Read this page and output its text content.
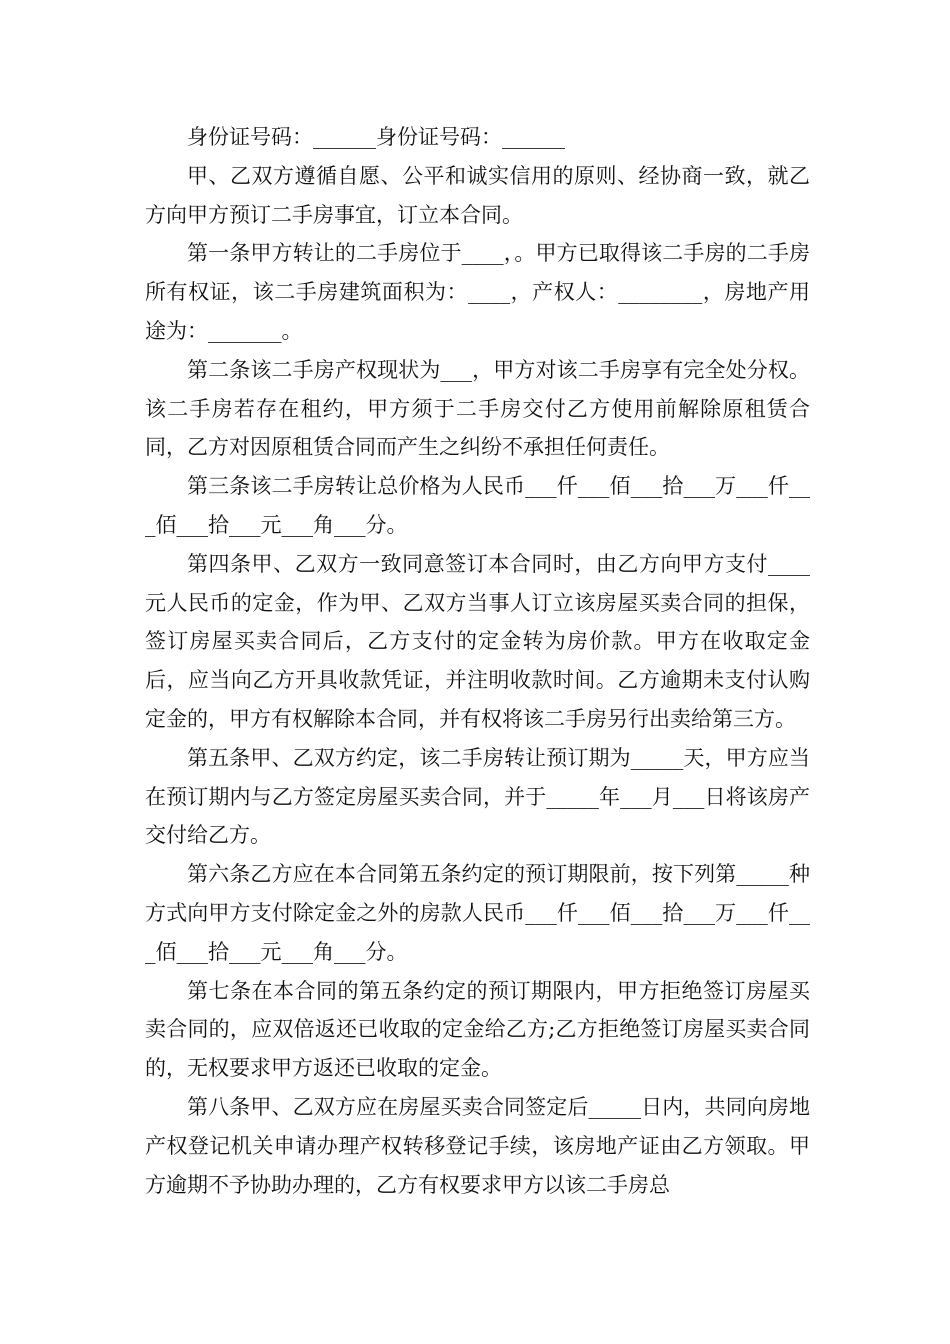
身份证号码：______身份证号码：______

甲、乙双方遵循自愿、公平和诚实信用的原则、经协商一致，就乙方向甲方预订二手房事宜，订立本合同。

第一条甲方转让的二手房位于____，。甲方已取得该二手房的二手房所有权证，该二手房建筑面积为：____，产权人：________，房地产用途为：_______。

第二条该二手房产权现状为___，甲方对该二手房享有完全处分权。该二手房若存在租约，甲方须于二手房交付乙方使用前解除原租赁合同，乙方对因原租赁合同而产生之纠纷不承担任何责任。

第三条该二手房转让总价格为人民币___仟___佰___拾___万___仟___佰___拾___元___角___分。

第四条甲、乙双方一致同意签订本合同时，由乙方向甲方支付____元人民币的定金，作为甲、乙双方当事人订立该房屋买卖合同的担保，签订房屋买卖合同后，乙方支付的定金转为房价款。甲方在收取定金后，应当向乙方开具收款凭证，并注明收款时间。乙方逾期未支付认购定金的，甲方有权解除本合同，并有权将该二手房另行出卖给第三方。

第五条甲、乙双方约定，该二手房转让预订期为_____天，甲方应当在预订期内与乙方签定房屋买卖合同，并于_____年___月___日将该房产交付给乙方。

第六条乙方应在本合同第五条约定的预订期限前，按下列第_____种方式向甲方支付除定金之外的房款人民币___仟___佰___拾___万___仟___佰___拾___元___角___分。

第七条在本合同的第五条约定的预订期限内，甲方拒绝签订房屋买卖合同的，应双倍返还已收取的定金给乙方;乙方拒绝签订房屋买卖合同的，无权要求甲方返还已收取的定金。

第八条甲、乙双方应在房屋买卖合同签定后_____日内，共同向房地产权登记机关申请办理产权转移登记手续，该房地产证由乙方领取。甲方逾期不予协助办理的，乙方有权要求甲方以该二手房总
